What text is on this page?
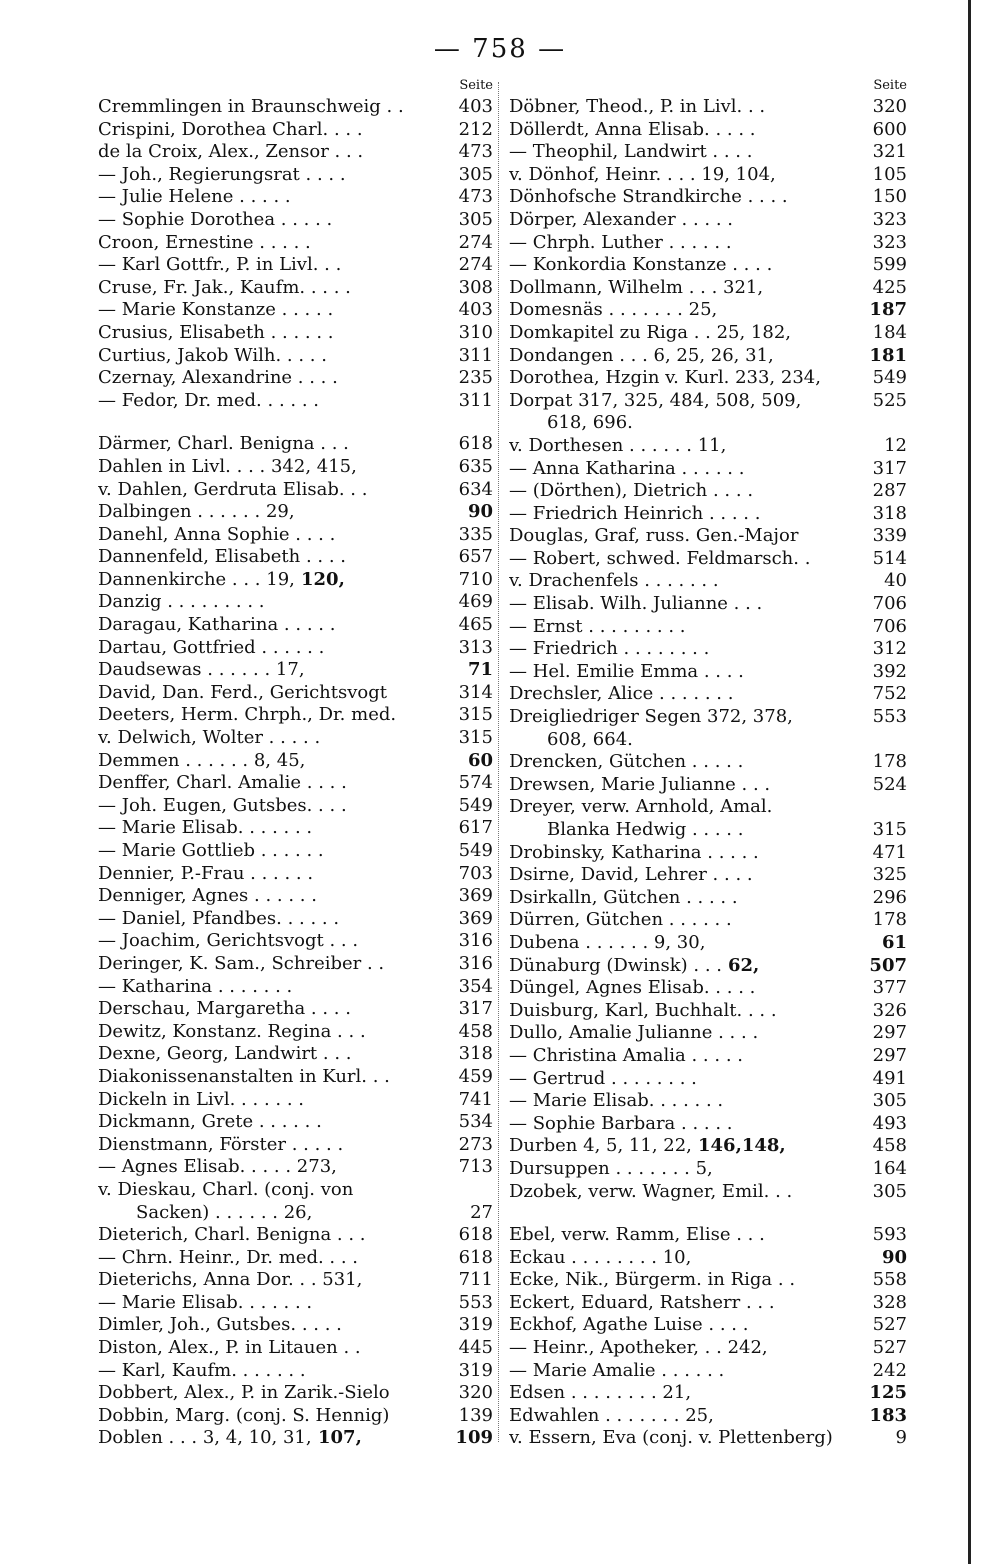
— 758 —
Seite
Cremmlingen in Braunschweig . .	403
Crispini, Dorothea Charl. . . .	212
de la Croix, Alex., Zensor . . .	473
— Joh., Regierungsrat . . . .	305
— Julie Helene . . . . .	473
— Sophie Dorothea . . . . .	305
Croon, Ernestine . . . . .	274
— Karl Gottfr., P. in Livl. . .	274
Cruse, Fr. Jak., Kaufm. . . . .	308
— Marie Konstanze . . . . .	403
Crusius, Elisabeth . . . . . .	310
Curtius, Jakob Wilh. . . . .	311
Czernay, Alexandrine . . . .	235
— Fedor, Dr. med. . . . . .	311
Därmer, Charl. Benigna . . .	618
Dahlen in Livl. . . . 342, 415,	635
v. Dahlen, Gerdruta Elisab. . .	634
Dalbingen . . . . . . 29,	90
Danehl, Anna Sophie . . . .	335
Dannenfeld, Elisabeth . . . .	657
Dannenkirche . . . 19, 120,	710
Danzig . . . . . . . . .	469
Daragau, Katharina . . . . .	465
Dartau, Gottfried . . . . . .	313
Daudsewas . . . . . . 17,	71
David, Dan. Ferd., Gerichtsvogt	314
Deeters, Herm. Chrph., Dr. med.	315
v. Delwich, Wolter . . . . .	315
Demmen . . . . . . 8, 45,	60
Denffer, Charl. Amalie . . . .	574
— Joh. Eugen, Gutsbes. . . .	549
— Marie Elisab. . . . . . .	617
— Marie Gottlieb . . . . . .	549
Dennier, P.-Frau . . . . . .	703
Denniger, Agnes . . . . . .	369
— Daniel, Pfandbes. . . . . .	369
— Joachim, Gerichtsvogt . . .	316
Deringer, K. Sam., Schreiber . .	316
— Katharina . . . . . . .	354
Derschau, Margaretha . . . .	317
Dewitz, Konstanz. Regina . . .	458
Dexne, Georg, Landwirt . . .	318
Diakonissenanstalten in Kurl. . .	459
Dickeln in Livl. . . . . . .	741
Dickmann, Grete . . . . . .	534
Dienstmann, Förster . . . . .	273
— Agnes Elisab. . . . . 273,	713
v. Dieskau, Charl. (conj. von
Sacken) . . . . . . 26,	27
Dieterich, Charl. Benigna . . .	618
— Chrn. Heinr., Dr. med. . . .	618
Dieterichs, Anna Dor. . . 531,	711
— Marie Elisab. . . . . . .	553
Dimler, Joh., Gutsbes. . . . .	319
Diston, Alex., P. in Litauen . .	445
— Karl, Kaufm. . . . . . .	319
Dobbert, Alex., P. in Zarik.-Sielo	320
Dobbin, Marg. (conj. S. Hennig)	139
Doblen . . . 3, 4, 10, 31, 107,	109
Seite
Döbner, Theod., P. in Livl. . .	320
Döllerdt, Anna Elisab. . . . .	600
— Theophil, Landwirt . . . .	321
v. Dönhof, Heinr. . . . 19, 104,	105
Dönhofsche Strandkirche . . . .	150
Dörper, Alexander . . . . .	323
— Chrph. Luther . . . . . .	323
— Konkordia Konstanze . . . .	599
Dollmann, Wilhelm . . . 321,	425
Domesnäs . . . . . . . 25,	187
Domkapitel zu Riga . . 25, 182,	184
Dondangen . . . 6, 25, 26, 31,	181
Dorothea, Hzgin v. Kurl. 233, 234,	549
Dorpat 317, 325, 484, 508, 509,	525
618, 696.
v. Dorthesen . . . . . . 11,	12
— Anna Katharina . . . . . .	317
— (Dörthen), Dietrich . . . .	287
— Friedrich Heinrich . . . . .	318
Douglas, Graf, russ. Gen.-Major	339
— Robert, schwed. Feldmarsch. .	514
v. Drachenfels . . . . . . .	40
— Elisab. Wilh. Julianne . . .	706
— Ernst . . . . . . . . .	706
— Friedrich . . . . . . . .	312
— Hel. Emilie Emma . . . .	392
Drechsler, Alice . . . . . . .	752
Dreigliedriger Segen 372, 378,	553
608, 664.
Drencken, Gütchen . . . . .	178
Drewsen, Marie Julianne . . .	524
Dreyer, verw. Arnhold, Amal.
Blanka Hedwig . . . . .	315
Drobinsky, Katharina . . . . .	471
Dsirne, David, Lehrer . . . .	325
Dsirkalln, Gütchen . . . . .	296
Dürren, Gütchen . . . . . .	178
Dubena . . . . . . 9, 30,	61
Dünaburg (Dwinsk) . . . 62,	507
Düngel, Agnes Elisab. . . . .	377
Duisburg, Karl, Buchhalt. . . .	326
Dullo, Amalie Julianne . . . .	297
— Christina Amalia . . . . .	297
— Gertrud . . . . . . . .	491
— Marie Elisab. . . . . . .	305
— Sophie Barbara . . . . .	493
Durben 4, 5, 11, 22, 146,148,	458
Dursuppen . . . . . . . 5,	164
Dzobek, verw. Wagner, Emil. . .	305
Ebel, verw. Ramm, Elise . . .	593
Eckau . . . . . . . . 10,	90
Ecke, Nik., Bürgerm. in Riga . .	558
Eckert, Eduard, Ratsherr . . .	328
Eckhof, Agathe Luise . . . .	527
— Heinr., Apotheker, . . 242,	527
— Marie Amalie . . . . . .	242
Edsen . . . . . . . . 21,	125
Edwahlen . . . . . . . 25,	183
v. Essern, Eva (conj. v. Plettenberg)	9
